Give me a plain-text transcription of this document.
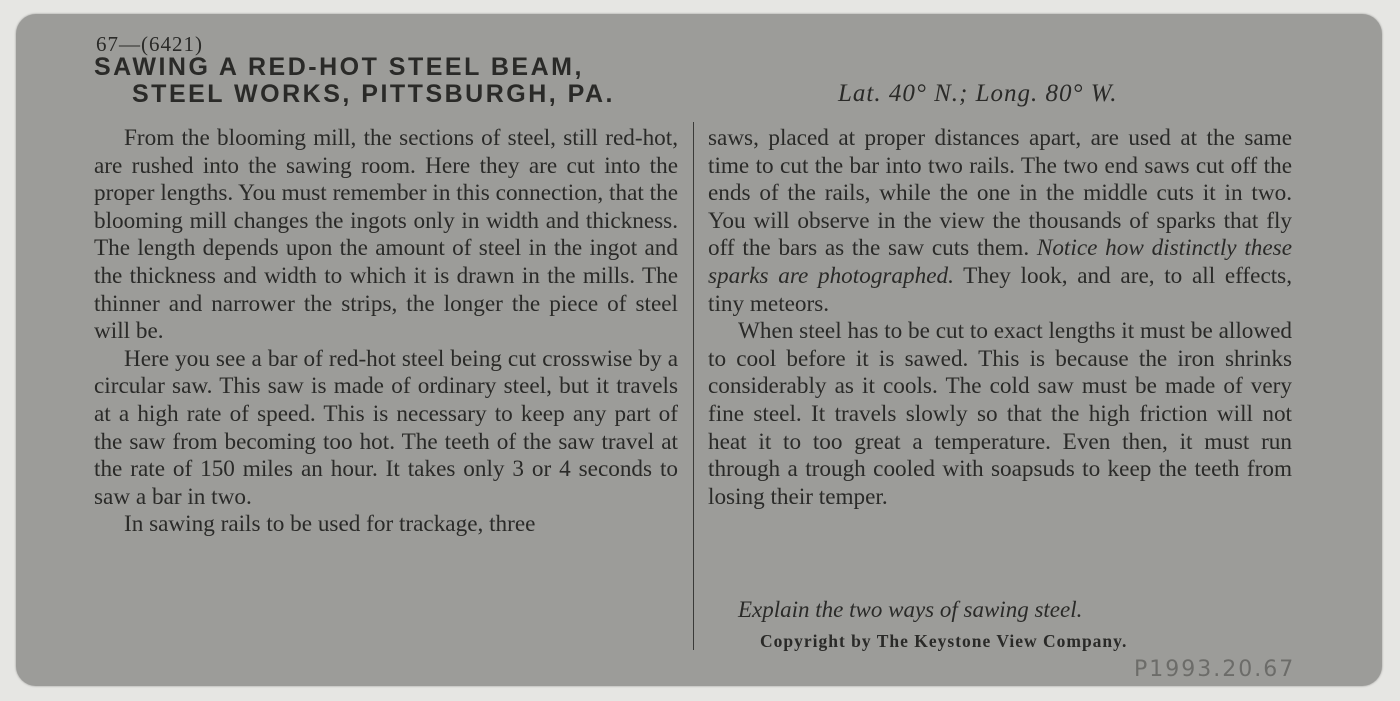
67—(6421)
SAWING A RED-HOT STEEL BEAM,
STEEL WORKS, PITTSBURGH, PA.	Lat. 40° N.; Long. 80° W.

From the blooming mill, the sections of steel, still red-hot, are rushed into the sawing room. Here they are cut into the proper lengths. You must remember in this connection, that the blooming mill changes the ingots only in width and thickness. The length depends upon the amount of steel in the ingot and the thickness and width to which it is drawn in the mills. The thinner and narrower the strips, the longer the piece of steel will be.

Here you see a bar of red-hot steel being cut crosswise by a circular saw. This saw is made of ordinary steel, but it travels at a high rate of speed. This is necessary to keep any part of the saw from becoming too hot. The teeth of the saw travel at the rate of 150 miles an hour. It takes only 3 or 4 seconds to saw a bar in two.

In sawing rails to be used for trackage, three

saws, placed at proper distances apart, are used at the same time to cut the bar into two rails. The two end saws cut off the ends of the rails, while the one in the middle cuts it in two. You will observe in the view the thousands of sparks that fly off the bars as the saw cuts them. Notice how distinctly these sparks are photographed. They look, and are, to all effects, tiny meteors.

When steel has to be cut to exact lengths it must be allowed to cool before it is sawed. This is because the iron shrinks considerably as it cools. The cold saw must be made of very fine steel. It travels slowly so that the high friction will not heat it to too great a temperature. Even then, it must run through a trough cooled with soapsuds to keep the teeth from losing their temper.

Explain the two ways of sawing steel.
Copyright by The Keystone View Company.
P1993.20.67
